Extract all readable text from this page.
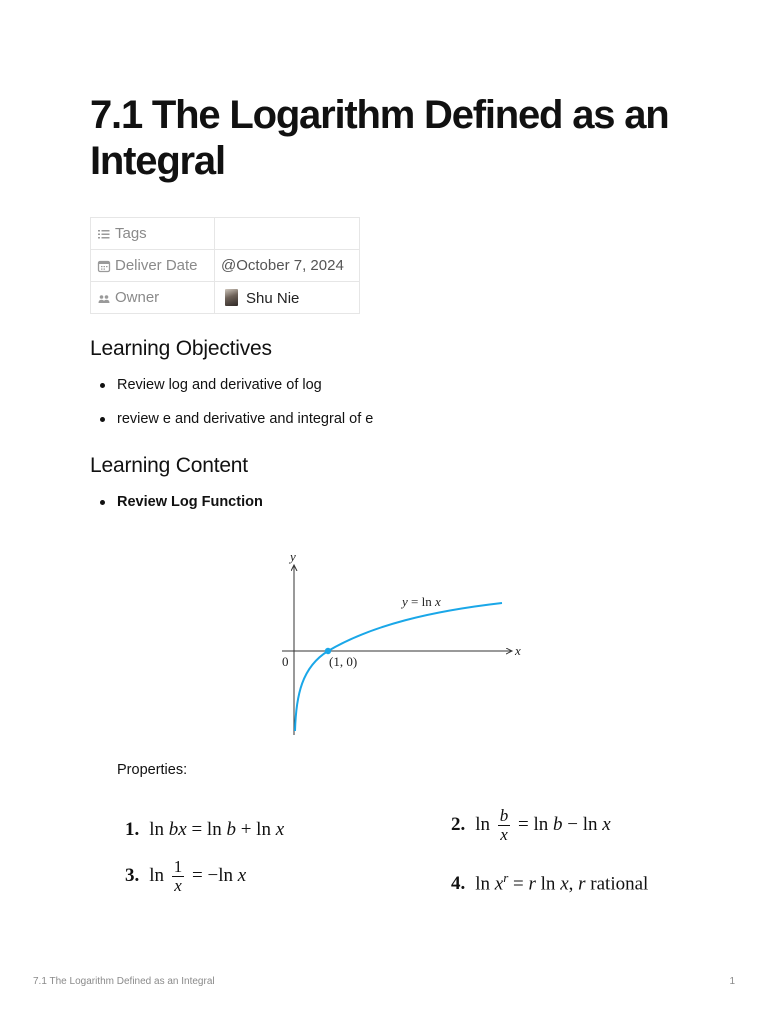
7.1 The Logarithm Defined as an Integral
Tags	

Deliver Date	@October 7, 2024

Owner	Shu Nie
Learning Objectives
Review log and derivative of log
review e and derivative and integral of e
Learning Content
Review Log Function
y
x
0	(1, 0)
y = ln x

Properties:

1. ln bx = ln b + ln x	2. $\ln \frac{b}{x} = \ln b - \ln x$
3. $\ln \frac{1}{x} = -\ln$ x	4. $\ln x^r = r$ ln x, r rational

7.1 The Logarithm Defined as an Integral	1
